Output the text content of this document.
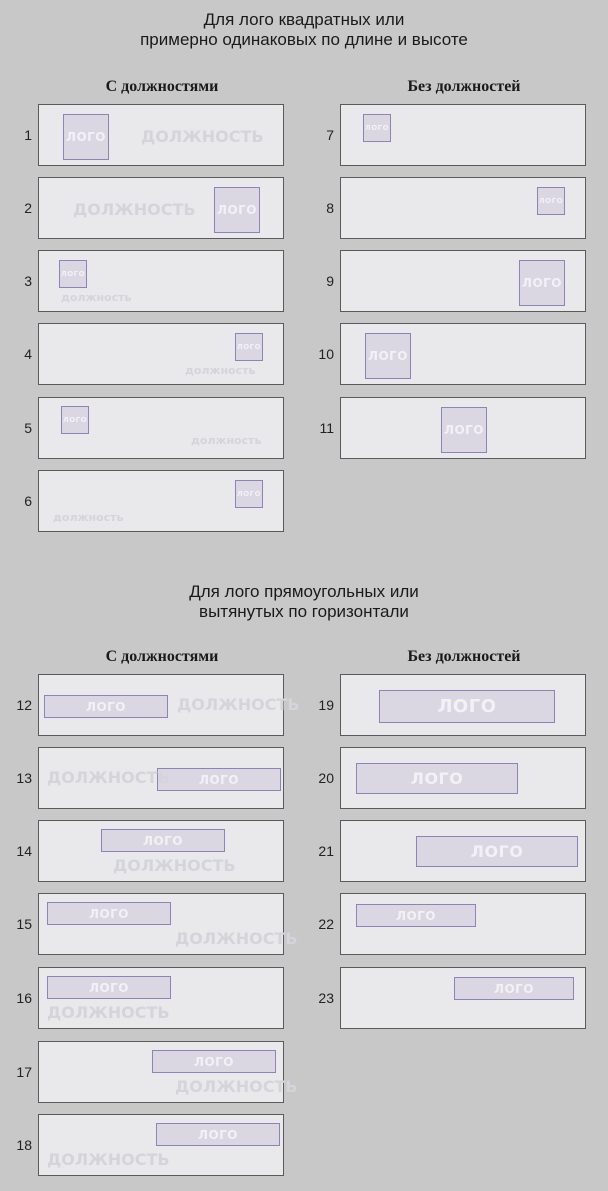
Для лого квадратных или
примерно одинаковых по длине и высоте
С должностями	Без должностей
Для лого прямоугольных или
вытянутых по горизонтали
С должностями	Без должностей
1	ЛОГО ДОЛЖНОСТЬ
2	ЛОГО
ДОЛЖНОСТЬ
3	ЛОГО
должность
4	ЛОГО
должность
5	ЛОГО
должность
6	ЛОГО
должность
7	ЛОГО
8	ЛОГО
9	ЛОГО
10	ЛОГО
11	ЛОГО
12	ЛОГО	ДОЛЖНОСТЬ
13	ЛОГО
ДОЛЖНОСТЬ
14
ЛОГО
ДОЛЖНОСТЬ
15
ЛОГО
ДОЛЖНОСТЬ
16
ЛОГО
ДОЛЖНОСТЬ
17
ЛОГО
ДОЛЖНОСТЬ
18
ЛОГО
ДОЛЖНОСТЬ
19	ЛОГО
20	ЛОГО
21	ЛОГО
22
ЛОГО
23
ЛОГО
